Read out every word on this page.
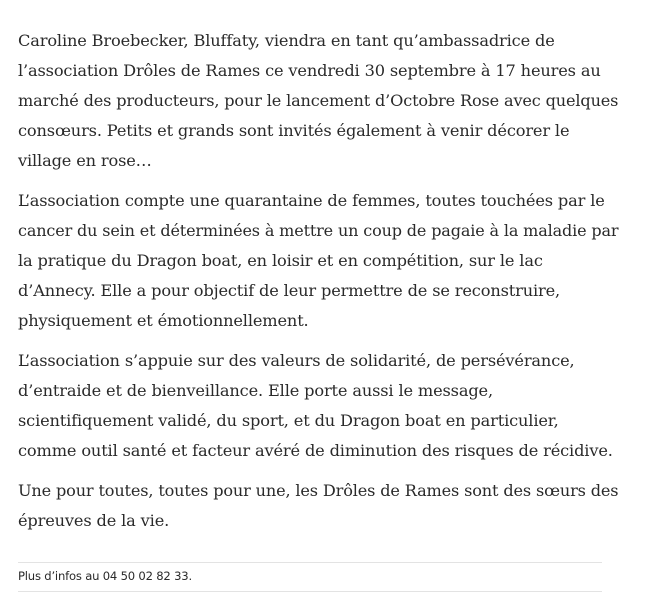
Caroline Broebecker, Bluffaty, viendra en tant qu’ambassadrice de
l’association Drôles de Rames ce vendredi 30 septembre à 17 heures au
marché des producteurs, pour le lancement d’Octobre Rose avec quelques
consœurs. Petits et grands sont invités également à venir décorer le
village en rose…

L’association compte une quarantaine de femmes, toutes touchées par le
cancer du sein et déterminées à mettre un coup de pagaie à la maladie par
la pratique du Dragon boat, en loisir et en compétition, sur le lac
d’Annecy. Elle a pour objectif de leur permettre de se reconstruire,
physiquement et émotionnellement.

L’association s’appuie sur des valeurs de solidarité, de persévérance,
d’entraide et de bienveillance. Elle porte aussi le message,
scientifiquement validé, du sport, et du Dragon boat en particulier,
comme outil santé et facteur avéré de diminution des risques de récidive.

Une pour toutes, toutes pour une, les Drôles de Rames sont des sœurs des
épreuves de la vie.

Plus d’infos au 04 50 02 82 33.
